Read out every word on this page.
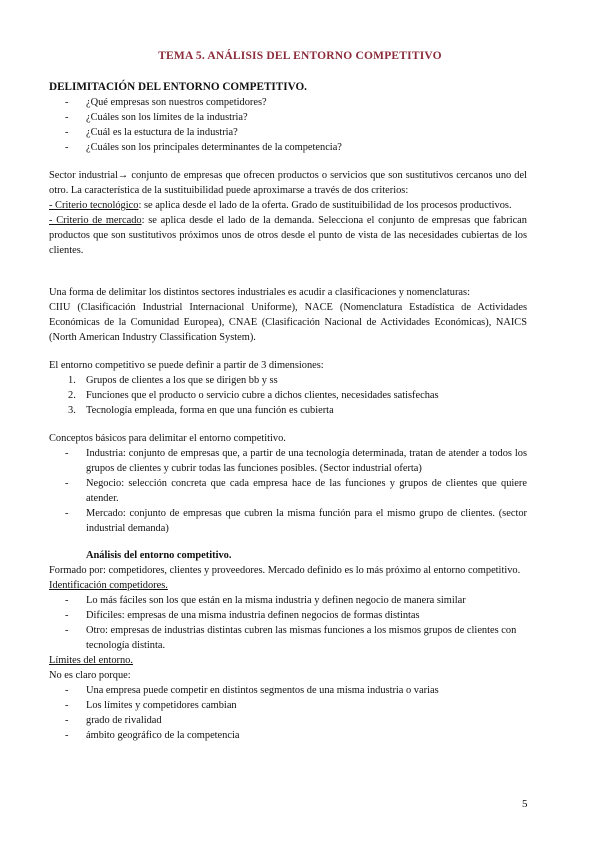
TEMA 5. ANÁLISIS DEL ENTORNO COMPETITIVO
DELIMITACIÓN DEL ENTORNO COMPETITIVO.
- ¿Qué empresas son nuestros competidores?
- ¿Cuáles son los límites de la industria?
- ¿Cuál es la estuctura de la industria?
- ¿Cuáles son los principales determinantes de la competencia?
Sector industrial→ conjunto de empresas que ofrecen productos o servicios que son sustitutivos cercanos uno del otro. La característica de la sustituibilidad puede aproximarse a través de dos criterios:
- Criterio tecnológico: se aplica desde el lado de la oferta. Grado de sustituibilidad de los procesos productivos.
- Criterio de mercado: se aplica desde el lado de la demanda. Selecciona el conjunto de empresas que fabrican productos que son sustitutivos próximos unos de otros desde el punto de vista de las necesidades cubiertas de los clientes.
Una forma de delimitar los distintos sectores industriales es acudir a clasificaciones y nomenclaturas:
CIIU (Clasificación Industrial Internacional Uniforme), NACE (Nomenclatura Estadística de Actividades Económicas de la Comunidad Europea), CNAE (Clasificación Nacional de Actividades Económicas), NAICS (North American Industry Classification System).
El entorno competitivo se puede definir a partir de 3 dimensiones:
1. Grupos de clientes a los que se dirigen bb y ss
2. Funciones que el producto o servicio cubre a dichos clientes, necesidades satisfechas
3. Tecnología empleada, forma en que una función es cubierta
Conceptos básicos para delimitar el entorno competitivo.
- Industria: conjunto de empresas que, a partir de una tecnología determinada, tratan de atender a todos los grupos de clientes y cubrir todas las funciones posibles. (Sector industrial oferta)
- Negocio: selección concreta que cada empresa hace de las funciones y grupos de clientes que quiere atender.
- Mercado: conjunto de empresas que cubren la misma función para el mismo grupo de clientes. (sector industrial demanda)
Análisis del entorno competitivo.
Formado por: competidores, clientes y proveedores. Mercado definido es lo más próximo al entorno competitivo.
Identificación competidores.
- Lo más fáciles son los que están en la misma industria y definen negocio de manera similar
- Difíciles: empresas de una misma industria definen negocios de formas distintas
- Otro: empresas de industrias distintas cubren las mismas funciones a los mismos grupos de clientes con tecnología distinta.
Límites del entorno.
No es claro porque:
- Una empresa puede competir en distintos segmentos de una misma industria o varias
- Los límites y competidores cambian
- grado de rivalidad
- ámbito geográfico de la competencia
5
